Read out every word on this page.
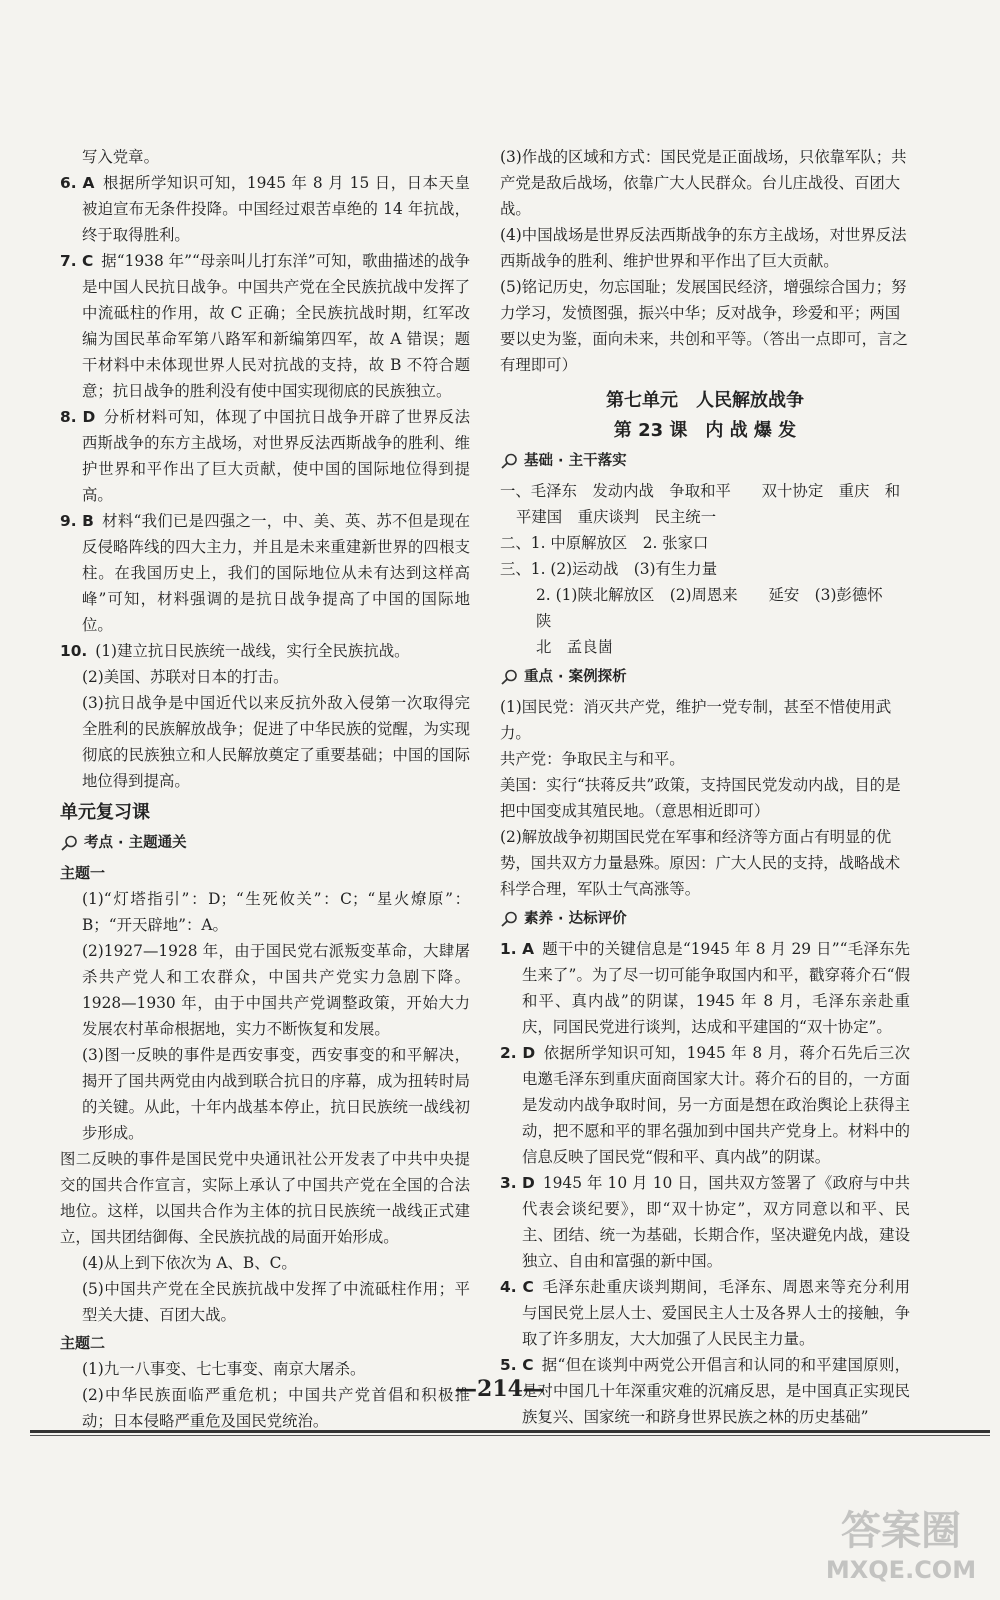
写入党章。

6. A 根据所学知识可知，1945 年 8 月 15 日，日本天皇被迫宣布无条件投降。中国经过艰苦卓绝的 14 年抗战，终于取得胜利。

7. C 据“1938 年”“母亲叫儿打东洋”可知，歌曲描述的战争是中国人民抗日战争。中国共产党在全民族抗战中发挥了中流砥柱的作用，故 C 正确；全民族抗战时期，红军改编为国民革命军第八路军和新编第四军，故 A 错误；题干材料中未体现世界人民对抗战的支持，故 B 不符合题意；抗日战争的胜利没有使中国实现彻底的民族独立。

8. D 分析材料可知，体现了中国抗日战争开辟了世界反法西斯战争的东方主战场，对世界反法西斯战争的胜利、维护世界和平作出了巨大贡献，使中国的国际地位得到提高。

9. B 材料“我们已是四强之一，中、美、英、苏不但是现在反侵略阵线的四大主力，并且是未来重建新世界的四根支柱。在我国历史上，我们的国际地位从未有达到这样高峰”可知，材料强调的是抗日战争提高了中国的国际地位。

10. (1)建立抗日民族统一战线，实行全民族抗战。

(2)美国、苏联对日本的打击。

(3)抗日战争是中国近代以来反抗外敌入侵第一次取得完全胜利的民族解放战争；促进了中华民族的觉醒，为实现彻底的民族独立和人民解放奠定了重要基础；中国的国际地位得到提高。

单元复习课
考点 · 主题通关
主题一

(1)“灯塔指引”：D；“生死攸关”：C；“星火燎原”：B；“开天辟地”：A。

(2)1927—1928 年，由于国民党右派叛变革命，大肆屠杀共产党人和工农群众，中国共产党实力急剧下降。1928—1930 年，由于中国共产党调整政策，开始大力发展农村革命根据地，实力不断恢复和发展。

(3)图一反映的事件是西安事变，西安事变的和平解决，揭开了国共两党由内战到联合抗日的序幕，成为扭转时局的关键。从此，十年内战基本停止，抗日民族统一战线初步形成。

图二反映的事件是国民党中央通讯社公开发表了中共中央提交的国共合作宣言，实际上承认了中国共产党在全国的合法地位。这样，以国共合作为主体的抗日民族统一战线正式建立，国共团结御侮、全民族抗战的局面开始形成。

(4)从上到下依次为 A、B、C。

(5)中国共产党在全民族抗战中发挥了中流砥柱作用；平型关大捷、百团大战。

主题二

(1)九一八事变、七七事变、南京大屠杀。

(2)中华民族面临严重危机；中国共产党首倡和积极推动；日本侵略严重危及国民党统治。

(3)作战的区域和方式：国民党是正面战场，只依靠军队；共产党是敌后战场，依靠广大人民群众。台儿庄战役、百团大战。

(4)中国战场是世界反法西斯战争的东方主战场，对世界反法西斯战争的胜利、维护世界和平作出了巨大贡献。

(5)铭记历史，勿忘国耻；发展国民经济，增强综合国力；努力学习，发愤图强，振兴中华；反对战争，珍爱和平；两国要以史为鉴，面向未来，共创和平等。（答出一点即可，言之有理即可）

第七单元　人民解放战争
第 23 课　内 战 爆 发
基础 · 主干落实

一、毛泽东　发动内战　争取和平　　双十协定　重庆　和

平建国　重庆谈判　民主统一

二、1. 中原解放区　2. 张家口

三、1. (2)运动战　(3)有生力量

2. (1)陕北解放区　(2)周恩来　　延安　(3)彭德怀　陕

北　孟良崮

重点 · 案例探析

(1)国民党：消灭共产党，维护一党专制，甚至不惜使用武力。

共产党：争取民主与和平。

美国：实行“扶蒋反共”政策，支持国民党发动内战，目的是把中国变成其殖民地。（意思相近即可）

(2)解放战争初期国民党在军事和经济等方面占有明显的优势，国共双方力量悬殊。原因：广大人民的支持，战略战术科学合理，军队士气高涨等。

素养 · 达标评价

1. A 题干中的关键信息是“1945 年 8 月 29 日”“毛泽东先生来了”。为了尽一切可能争取国内和平，戳穿蒋介石“假和平、真内战”的阴谋，1945 年 8 月，毛泽东亲赴重庆，同国民党进行谈判，达成和平建国的“双十协定”。

2. D 依据所学知识可知，1945 年 8 月，蒋介石先后三次电邀毛泽东到重庆面商国家大计。蒋介石的目的，一方面是发动内战争取时间，另一方面是想在政治舆论上获得主动，把不愿和平的罪名强加到中国共产党身上。材料中的信息反映了国民党“假和平、真内战”的阴谋。

3. D 1945 年 10 月 10 日，国共双方签署了《政府与中共代表会谈纪要》，即“双十协定”，双方同意以和平、民主、团结、统一为基础，长期合作，坚决避免内战，建设独立、自由和富强的新中国。

4. C 毛泽东赴重庆谈判期间，毛泽东、周恩来等充分利用与国民党上层人士、爱国民主人士及各界人士的接触，争取了许多朋友，大大加强了人民民主力量。

5. C 据“但在谈判中两党公开倡言和认同的和平建国原则，是对中国几十年深重灾难的沉痛反思，是中国真正实现民族复兴、国家统一和跻身世界民族之林的历史基础”

—214—
答案圈
MXQE.COM
